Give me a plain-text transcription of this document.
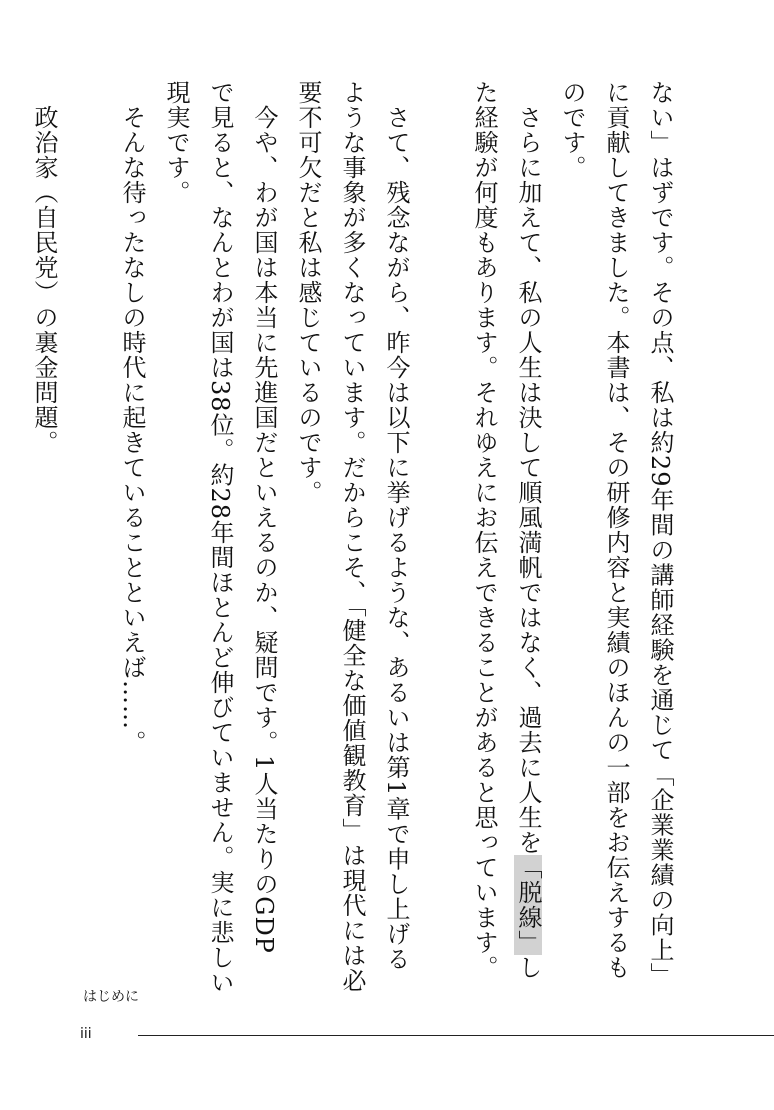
ない」はずです。その点、私は約29年間の講師経験を通じて「企業業績の向上」
に貢献してきました。本書は、その研修内容と実績のほんの一部をお伝えするも
のです。
　さらに加えて、私の人生は決して順風満帆ではなく、過去に人生を「脱線」し
た経験が何度もあります。それゆえにお伝えできることがあると思っています。
　さて、残念ながら、昨今は以下に挙げるような、あるいは第1章で申し上げる
ような事象が多くなっています。だからこそ、「健全な価値観教育」は現代には必
要不可欠だと私は感じているのです。
　今や、わが国は本当に先進国だといえるのか、疑問です。1人当たりのGDP
で見ると、なんとわが国は38位。約28年間ほとんど伸びていません。実に悲しい
現実です。
　そんな待ったなしの時代に起きていることといえば……。
　政治家（自民党）の裏金問題。
はじめに
iii
